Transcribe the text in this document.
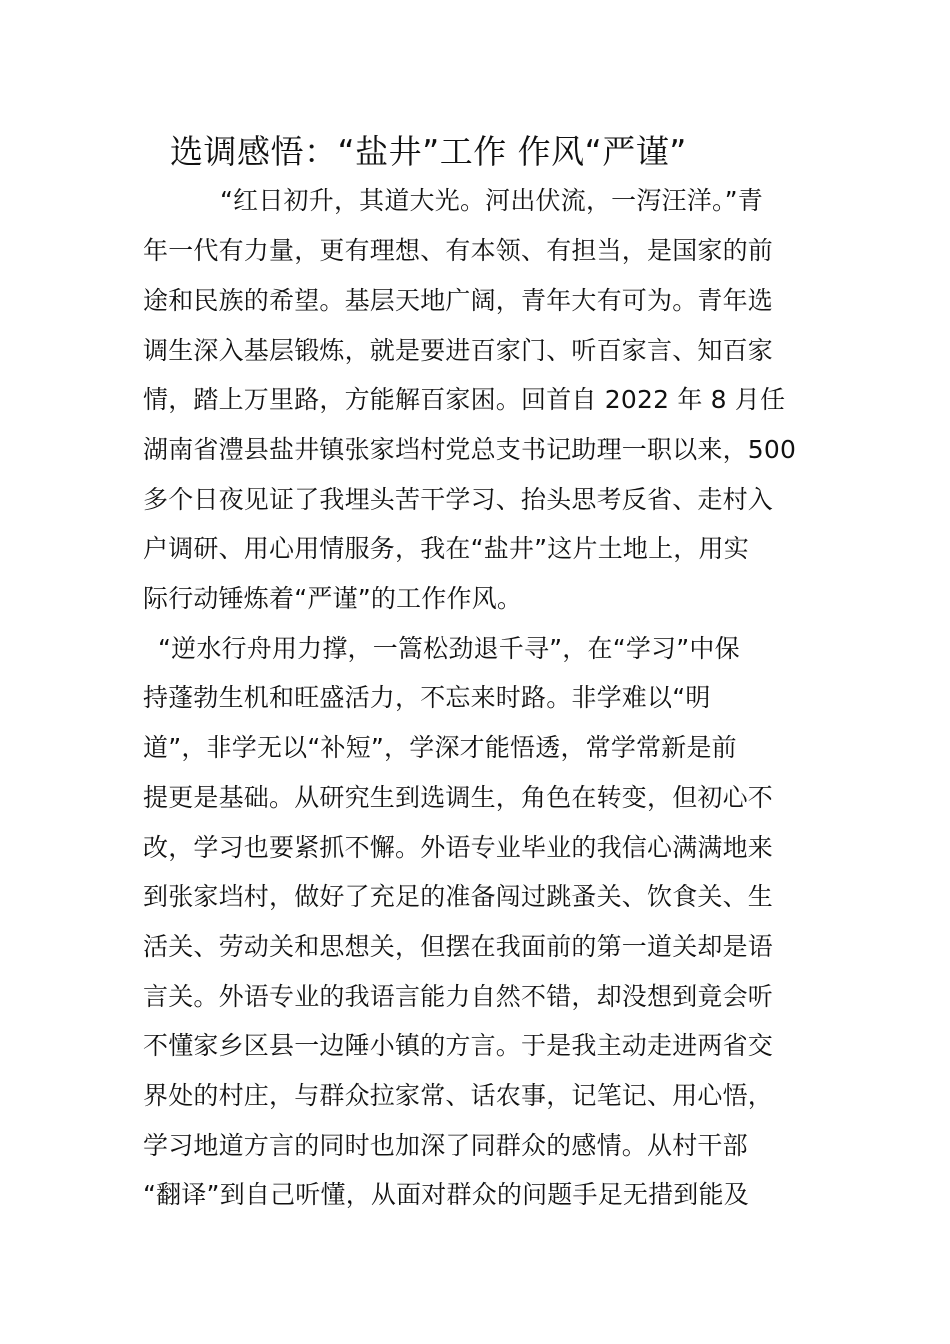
选调感悟：“盐井”工作 作风“严谨”
“红日初升，其道大光。河出伏流，一泻汪洋。”青
年一代有力量，更有理想、有本领、有担当，是国家的前
途和民族的希望。基层天地广阔，青年大有可为。青年选
调生深入基层锻炼，就是要进百家门、听百家言、知百家
情，踏上万里路，方能解百家困。回首自 2022 年 8 月任
湖南省澧县盐井镇张家垱村党总支书记助理一职以来，500
多个日夜见证了我埋头苦干学习、抬头思考反省、走村入
户调研、用心用情服务，我在“盐井”这片土地上，用实
际行动锤炼着“严谨”的工作作风。
“逆水行舟用力撑，一篙松劲退千寻”，在“学习”中保
持蓬勃生机和旺盛活力，不忘来时路。非学难以“明
道”，非学无以“补短”，学深才能悟透，常学常新是前
提更是基础。从研究生到选调生，角色在转变，但初心不
改，学习也要紧抓不懈。外语专业毕业的我信心满满地来
到张家垱村，做好了充足的准备闯过跳蚤关、饮食关、生
活关、劳动关和思想关，但摆在我面前的第一道关却是语
言关。外语专业的我语言能力自然不错，却没想到竟会听
不懂家乡区县一边陲小镇的方言。于是我主动走进两省交
界处的村庄，与群众拉家常、话农事，记笔记、用心悟，
学习地道方言的同时也加深了同群众的感情。从村干部
“翻译”到自己听懂，从面对群众的问题手足无措到能及
